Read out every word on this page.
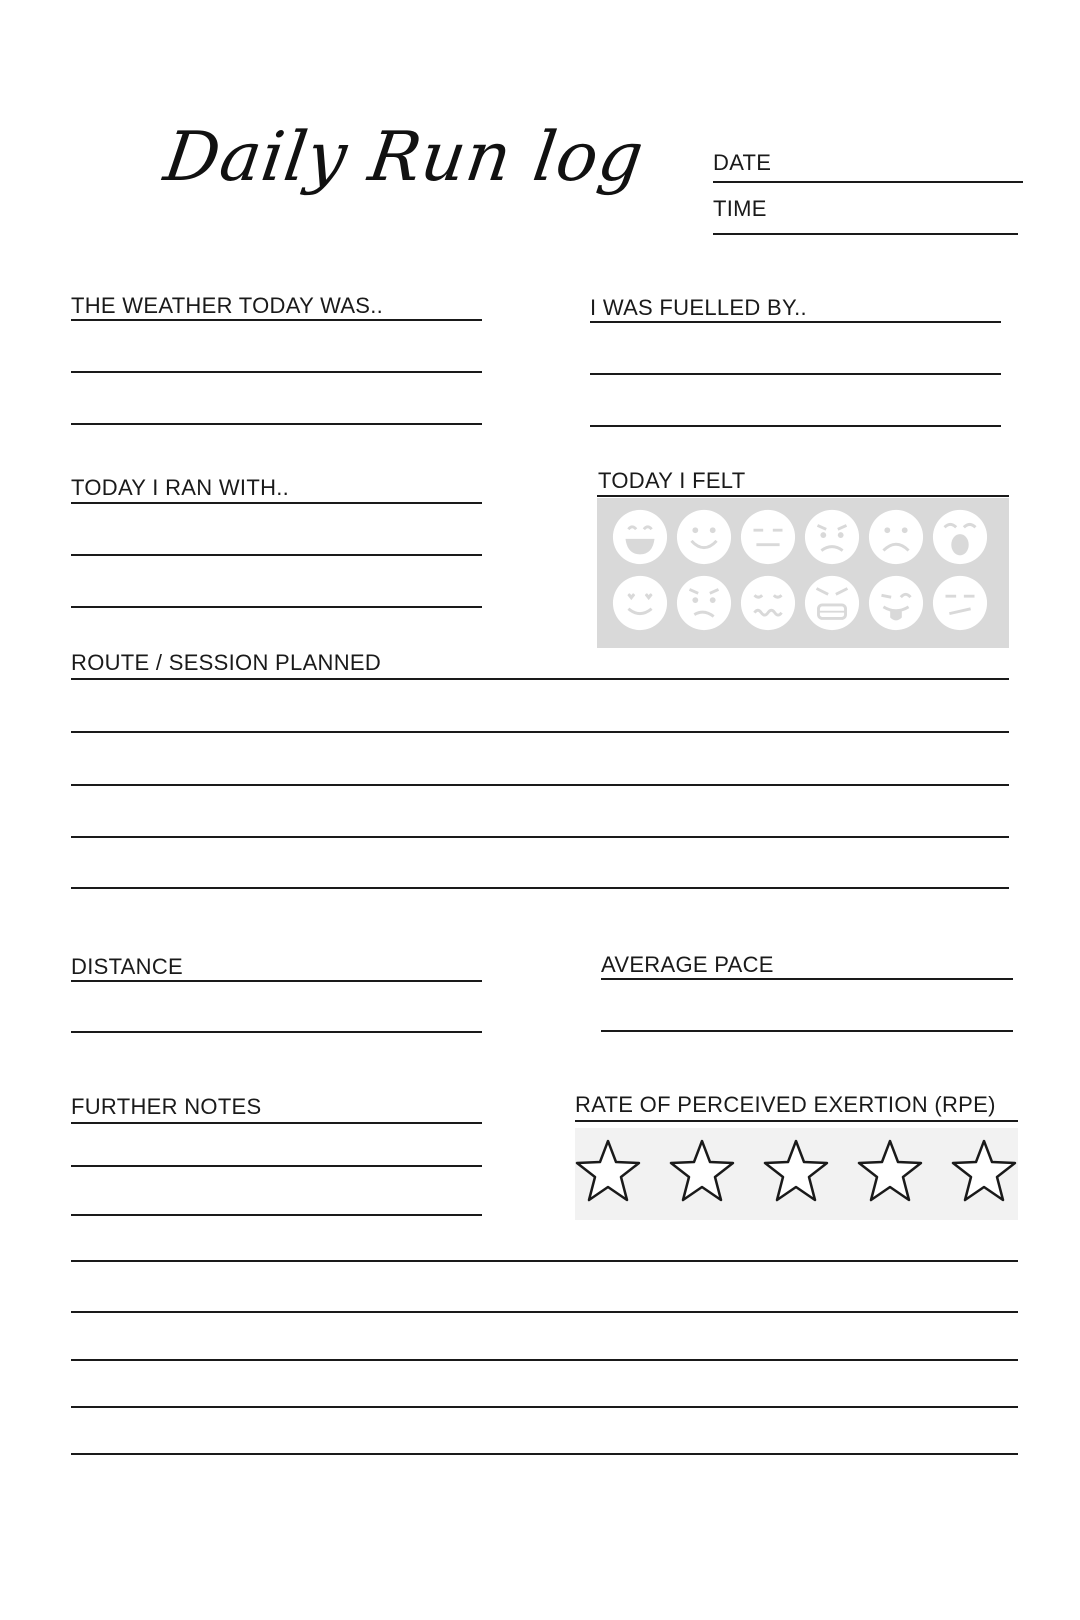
Daily Run log	DATE
TIME
THE WEATHER TODAY WAS..	I WAS FUELLED BY..
TODAY I RAN WITH..	TODAY I FELT
ROUTE / SESSION PLANNED
DISTANCE	AVERAGE PACE
FURTHER NOTES	RATE OF PERCEIVED EXERTION (RPE)
